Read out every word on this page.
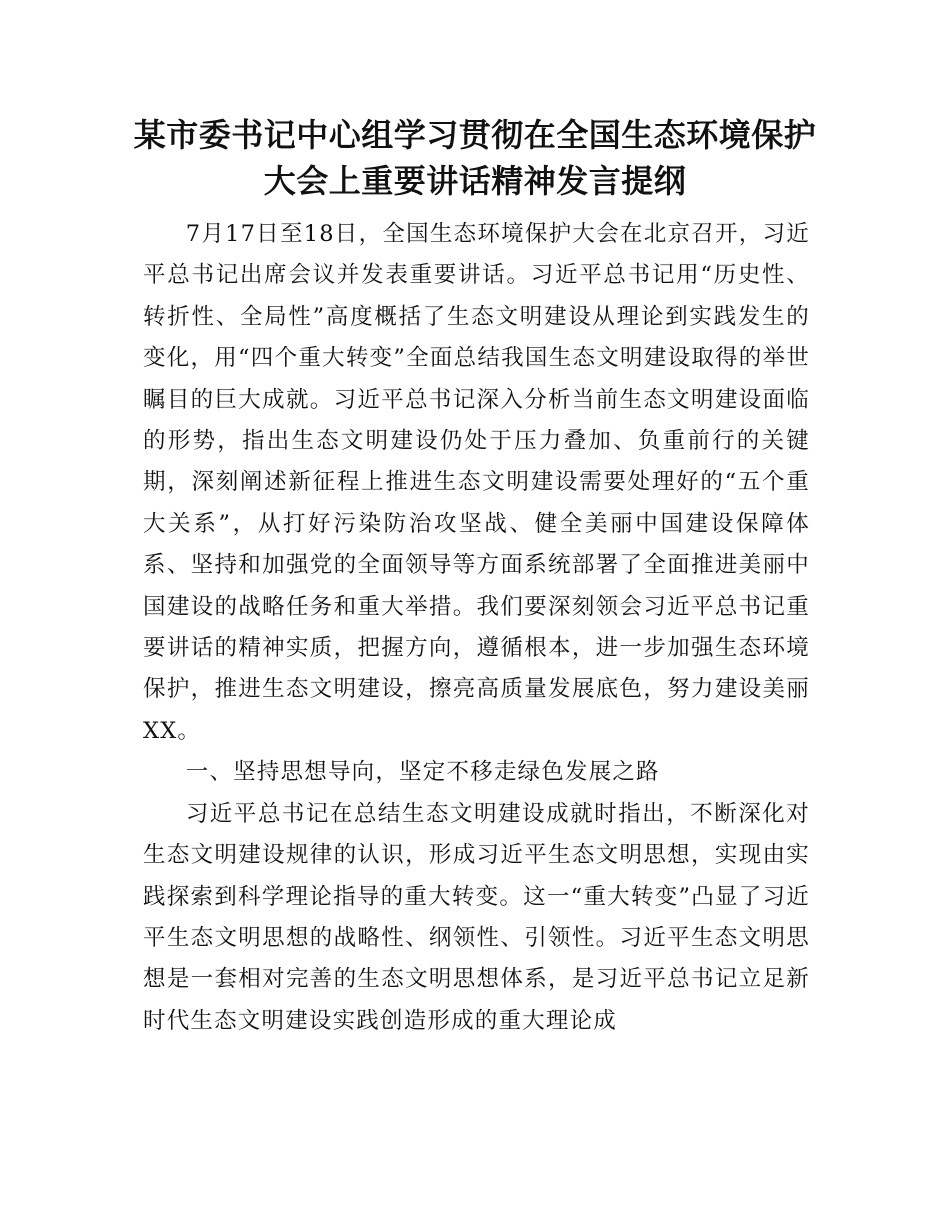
某市委书记中心组学习贯彻在全国生态环境保护大会上重要讲话精神发言提纲

7月17日至18日，全国生态环境保护大会在北京召开，习近平总书记出席会议并发表重要讲话。习近平总书记用“历史性、转折性、全局性”高度概括了生态文明建设从理论到实践发生的变化，用“四个重大转变”全面总结我国生态文明建设取得的举世瞩目的巨大成就。习近平总书记深入分析当前生态文明建设面临的形势，指出生态文明建设仍处于压力叠加、负重前行的关键期，深刻阐述新征程上推进生态文明建设需要处理好的“五个重大关系”，从打好污染防治攻坚战、健全美丽中国建设保障体系、坚持和加强党的全面领导等方面系统部署了全面推进美丽中国建设的战略任务和重大举措。我们要深刻领会习近平总书记重要讲话的精神实质，把握方向，遵循根本，进一步加强生态环境保护，推进生态文明建设，擦亮高质量发展底色，努力建设美丽XX。

一、坚持思想导向，坚定不移走绿色发展之路

习近平总书记在总结生态文明建设成就时指出，不断深化对生态文明建设规律的认识，形成习近平生态文明思想，实现由实践探索到科学理论指导的重大转变。这一“重大转变”凸显了习近平生态文明思想的战略性、纲领性、引领性。习近平生态文明思想是一套相对完善的生态文明思想体系，是习近平总书记立足新时代生态文明建设实践创造形成的重大理论成
